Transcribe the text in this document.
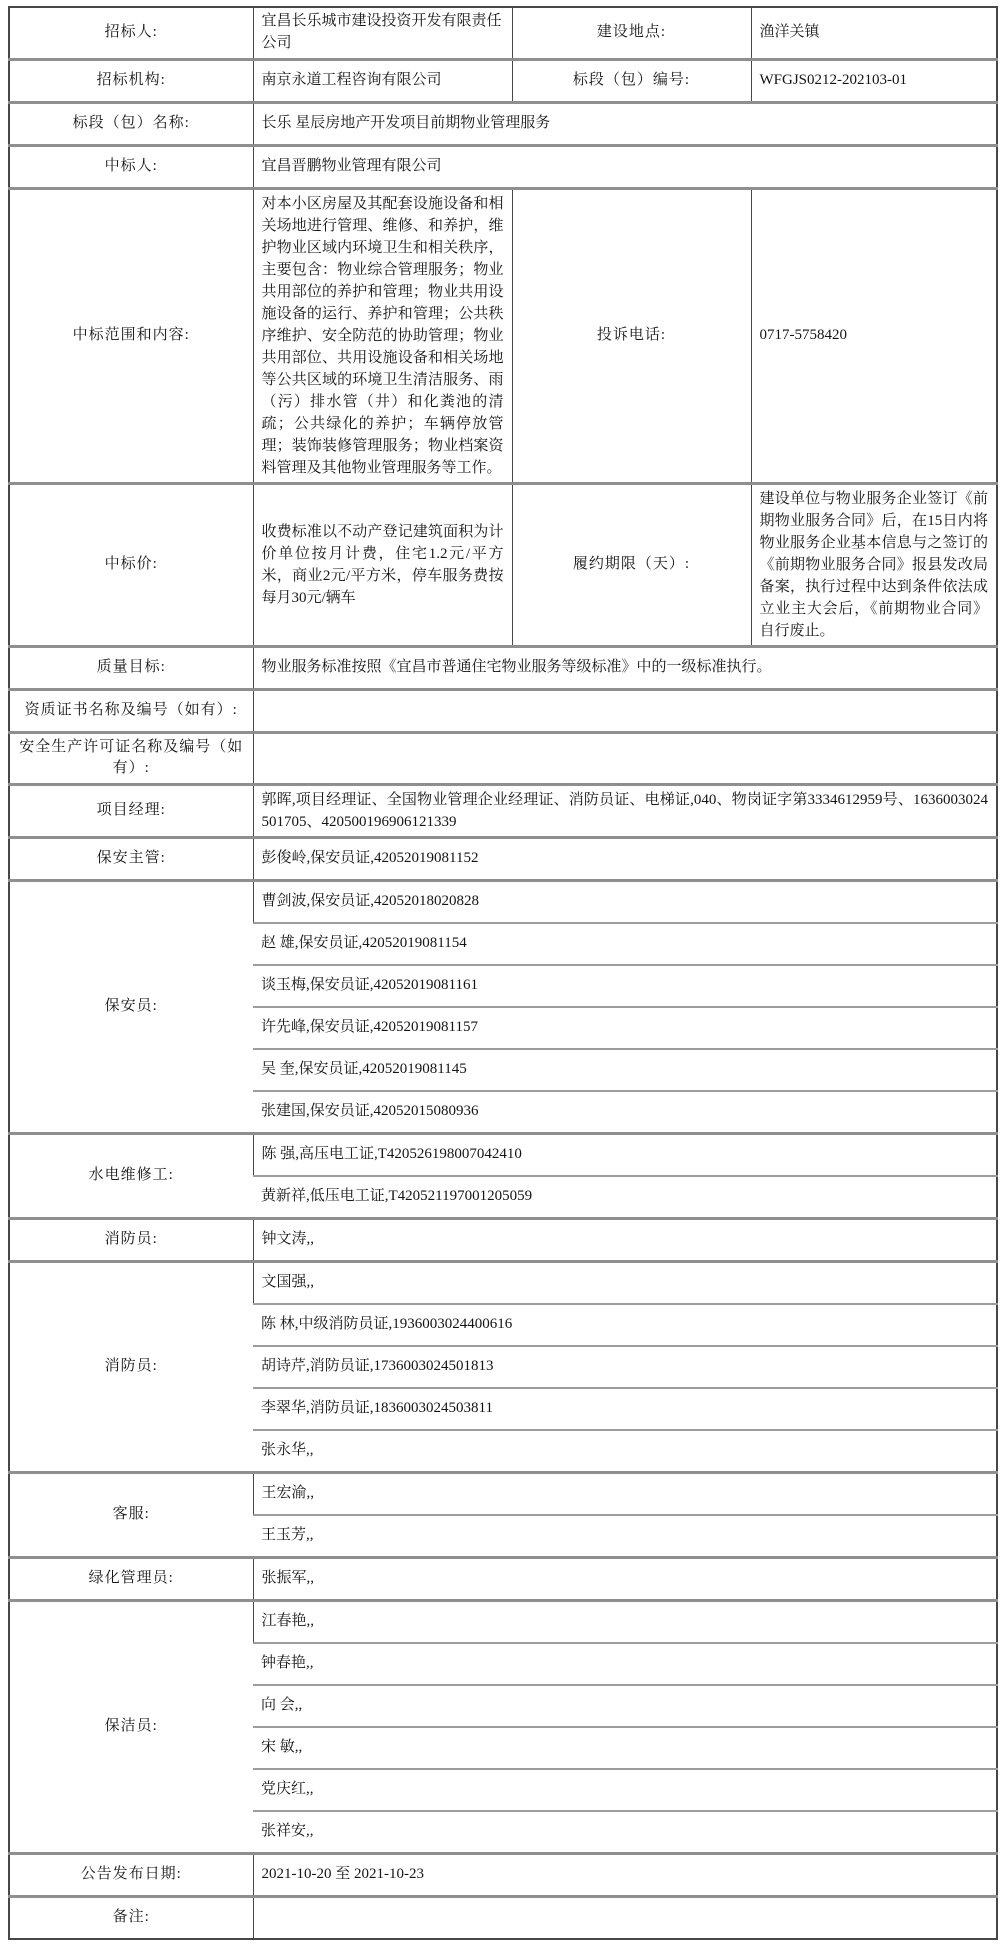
招标人:	宜昌长乐城市建设投资开发有限责任公司	建设地点:	渔洋关镇
招标机构:	南京永道工程咨询有限公司	标段（包）编号:	WFGJS0212-202103-01
标段（包）名称:	长乐 星辰房地产开发项目前期物业管理服务		
中标人:	宜昌晋鹏物业管理有限公司		
中标范围和内容:	对本小区房屋及其配套设施设备和相关场地进行管理、维修、和养护，维护物业区域内环境卫生和相关秩序，主要包含：物业综合管理服务；物业共用部位的养护和管理；物业共用设施设备的运行、养护和管理；公共秩序维护、安全防范的协助管理；物业共用部位、共用设施设备和相关场地等公共区域的环境卫生清洁服务、雨（污）排水管（井）和化粪池的清疏；公共绿化的养护；车辆停放管理；装饰装修管理服务；物业档案资料管理及其他物业管理服务等工作。	投诉电话:	0717-5758420
中标价:	收费标准以不动产登记建筑面积为计价单位按月计费，住宅1.2元/平方米，商业2元/平方米，停车服务费按每月30元/辆车	履约期限（天）:	建设单位与物业服务企业签订《前期物业服务合同》后，在15日内将物业服务企业基本信息与之签订的《前期物业服务合同》报县发改局备案，执行过程中达到条件依法成立业主大会后，《前期物业合同》自行废止。
质量目标:	物业服务标准按照《宜昌市普通住宅物业服务等级标准》中的一级标准执行。		
资质证书名称及编号（如有）:			
安全生产许可证名称及编号（如有）:			
项目经理:	郭晖,项目经理证、全国物业管理企业经理证、消防员证、电梯证,040、物岗证字第3334612959号、1636003024501705、420500196906121339		
保安主管:	彭俊岭,保安员证,42052019081152		
保安员:	曹剑波,保安员证,42052018020828		
	赵 雄,保安员证,42052019081154		
	谈玉梅,保安员证,42052019081161		
	许先峰,保安员证,42052019081157		
	吴 奎,保安员证,42052019081145		
	张建国,保安员证,42052015080936		
水电维修工:	陈 强,高压电工证,T420526198007042410		
	黄新祥,低压电工证,T420521197001205059		
消防员:	钟文涛,,		
消防员:	文国强,,		
	陈 林,中级消防员证,1936003024400616		
	胡诗芹,消防员证,1736003024501813		
	李翠华,消防员证,1836003024503811		
	张永华,,		
客服:	王宏渝,,		
	王玉芳,,		
绿化管理员:	张振军,,		
保洁员:	江春艳,,		
	钟春艳,,		
	向 会,,		
	宋 敏,,		
	党庆红,,		
	张祥安,,		
公告发布日期:	2021-10-20 至 2021-10-23		
备注:			
